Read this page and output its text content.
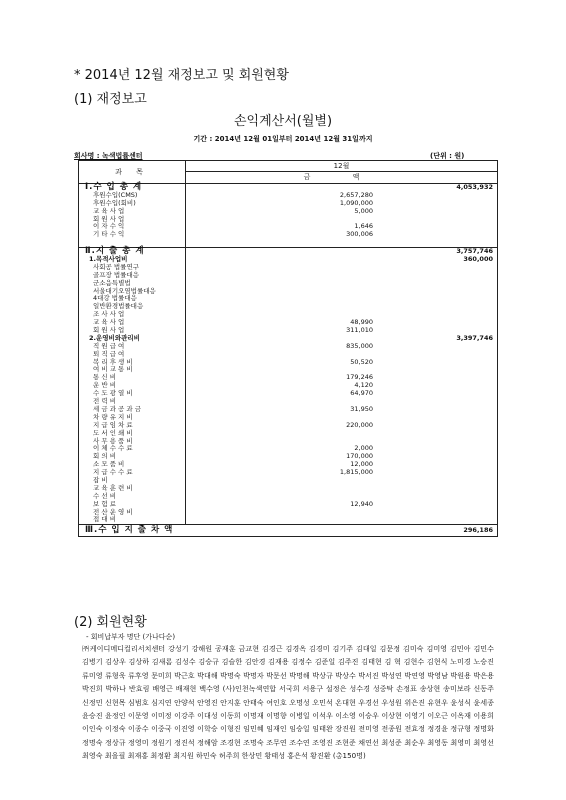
* 2014년 12월 재정보고 및 회원현황
(1) 재정보고
손익계산서(월별)
기간 : 2014년 12월 01일부터 2014년 12월 31일까지
회사명 : 녹색법률센터	(단위 : 원)
과 목
12월
금 액
Ⅰ.수 입 총 계	4,053,932
후원수입(CMS)	2,657,280
후원수입(회비)	1,090,000
교 육 사 업	5,000
회 원 사 업
이 자 수 익	1,646
기 타 수 익	300,006
Ⅱ.지 출 총 계	3,757,746
1.목적사업비	360,000
사회공 법률연구
골프장 법률대응
군소음특별법
서울대기오염법률대응
4대강 법률대응
일반환경법률대응
조 사 사 업
교 육 사 업	48,990
회 원 사 업	311,010
2.운영비와관리비	3,397,746
직 원 급 여	835,000
퇴 직 급 여
복 리 후 생 비	50,520
여 비 교 통 비
통 신 비	179,246
운 반 비	4,120
수 도 광 열 비	64,970
전 력 비
세 금 과 공 과 금	31,950
차 량 유 지 비
지 급 임 차 료	220,000
도 서 인 쇄 비
사 무 용 품 비
이 체 수 수 료	2,000
회 의 비	170,000
소 모 품 비	12,000
지 급 수 수 료	1,815,000
잡 비
교 육 훈 련 비
수 선 비
보 험 료	12,940
전 산 운 영 비
접 대 비
Ⅲ.수 입 지 출 차 액	296,186
(2) 회원현황
- 회비납부자 명단 (가나다순)
㈜케이디메디컬리서치센터 강성기 강해원 공재훈 금교현 김경근 김경옥 김경미 김기주 김대일 김문정 김미숙 김미영 김민아 김민수 김병기 김상우 김상하 김새롬 김성수 김승규 김슬한 김안경 김재용 김정수 김준일 김주진 김태현 김 혁 김현수 김현식 노미경 노승진 류미영 류형욱 류후영 문미희 박근호 박대해 박명숙 박명자 박문선 박명해 박상규 박상수 박서진 박성연 박연영 박영남 박원용 박은용 박진희 박하나 반효림 배영근 배재현 백수영 (사)인천녹색연합 서국희 서용구 설정은 성수경 성중탁 손정표 송상현 송미보라 신동주 신정민 신현목 심범호 심지연 안양석 안영진 안지훈 안태숙 여인호 오명성 오민석 온대현 우경선 우성원 위은진 유현우 윤성식 윤세종 윤승진 윤정인 이문영 이미정 이강주 이대성 이동희 이명재 이명향 이병일 이석우 이소영 이승우 이상현 이영기 이오근 이옥재 이용희 이인숙 이정숙 이종수 이중국 이진영 이학승 이형진 임민혜 임재인 임승일 임태완 장진원 전미영 전종원 전효정 정경윤 정규형 정명화 정명숙 정상규 정영미 정원기 정진석 정해암 조경현 조명숙 조무연 조수연 조영진 조현준 채연선 최성준 최순우 최영동 최영미 최영선 최영숙 최을필 최재홍 최정환 최지원 하민숙 허주희 한상민 황태성 홍은석 황진환 (총150명)
